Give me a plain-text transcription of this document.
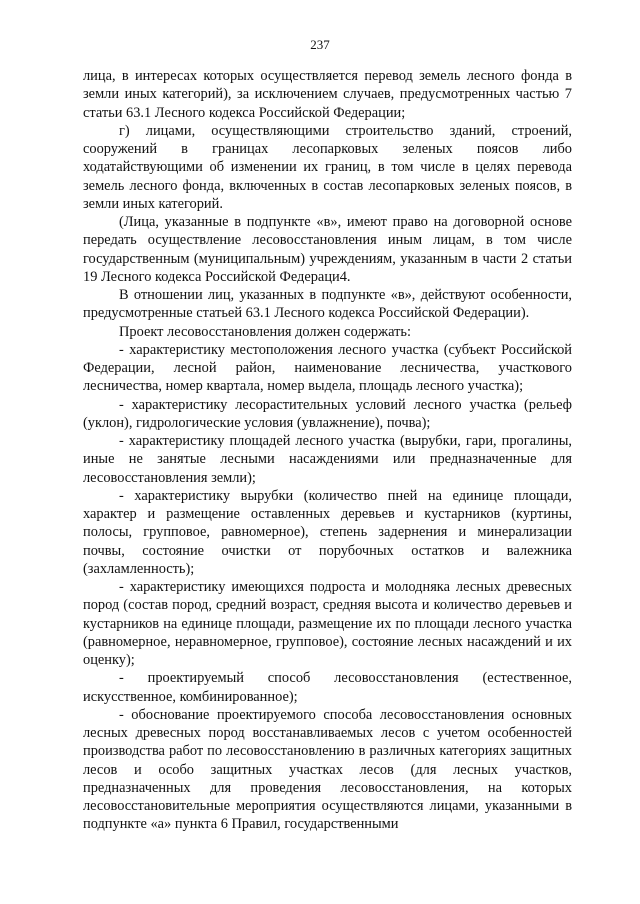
237

лица, в интересах которых осуществляется перевод земель лесного фонда в земли иных категорий), за исключением случаев, предусмотренных частью 7 статьи 63.1 Лесного кодекса Российской Федерации;

г) лицами, осуществляющими строительство зданий, строений, сооружений в границах лесопарковых зеленых поясов либо ходатайствующими об изменении их границ, в том числе в целях перевода земель лесного фонда, включенных в состав лесопарковых зеленых поясов, в земли иных категорий.

(Лица, указанные в подпункте «в», имеют право на договорной основе передать осуществление лесовосстановления иным лицам, в том числе государственным (муниципальным) учреждениям, указанным в части 2 статьи 19 Лесного кодекса Российской Федераци4.

В отношении лиц, указанных в подпункте «в», действуют особенности, предусмотренные статьей 63.1 Лесного кодекса Российской Федерации).

Проект лесовосстановления должен содержать:

- характеристику местоположения лесного участка (субъект Российской Федерации, лесной район, наименование лесничества, участкового лесничества, номер квартала, номер выдела, площадь лесного участка);

- характеристику лесорастительных условий лесного участка (рельеф (уклон), гидрологические условия (увлажнение), почва);

- характеристику площадей лесного участка (вырубки, гари, прогалины, иные не занятые лесными насаждениями или предназначенные для лесовосстановления земли);

- характеристику вырубки (количество пней на единице площади, характер и размещение оставленных деревьев и кустарников (куртины, полосы, групповое, равномерное), степень задернения и минерализации почвы, состояние очистки от порубочных остатков и валежника (захламленность);

- характеристику имеющихся подроста и молодняка лесных древесных пород (состав пород, средний возраст, средняя высота и количество деревьев и кустарников на единице площади, размещение их по площади лесного участка (равномерное, неравномерное, групповое), состояние лесных насаждений и их оценку);

- проектируемый способ лесовосстановления (естественное, искусственное, комбинированное);

- обоснование проектируемого способа лесовосстановления основных лесных древесных пород восстанавливаемых лесов с учетом особенностей производства работ по лесовосстановлению в различных категориях защитных лесов и особо защитных участках лесов (для лесных участков, предназначенных для проведения лесовосстановления, на которых лесовосстановительные мероприятия осуществляются лицами, указанными в подпункте «а» пункта 6 Правил, государственными
